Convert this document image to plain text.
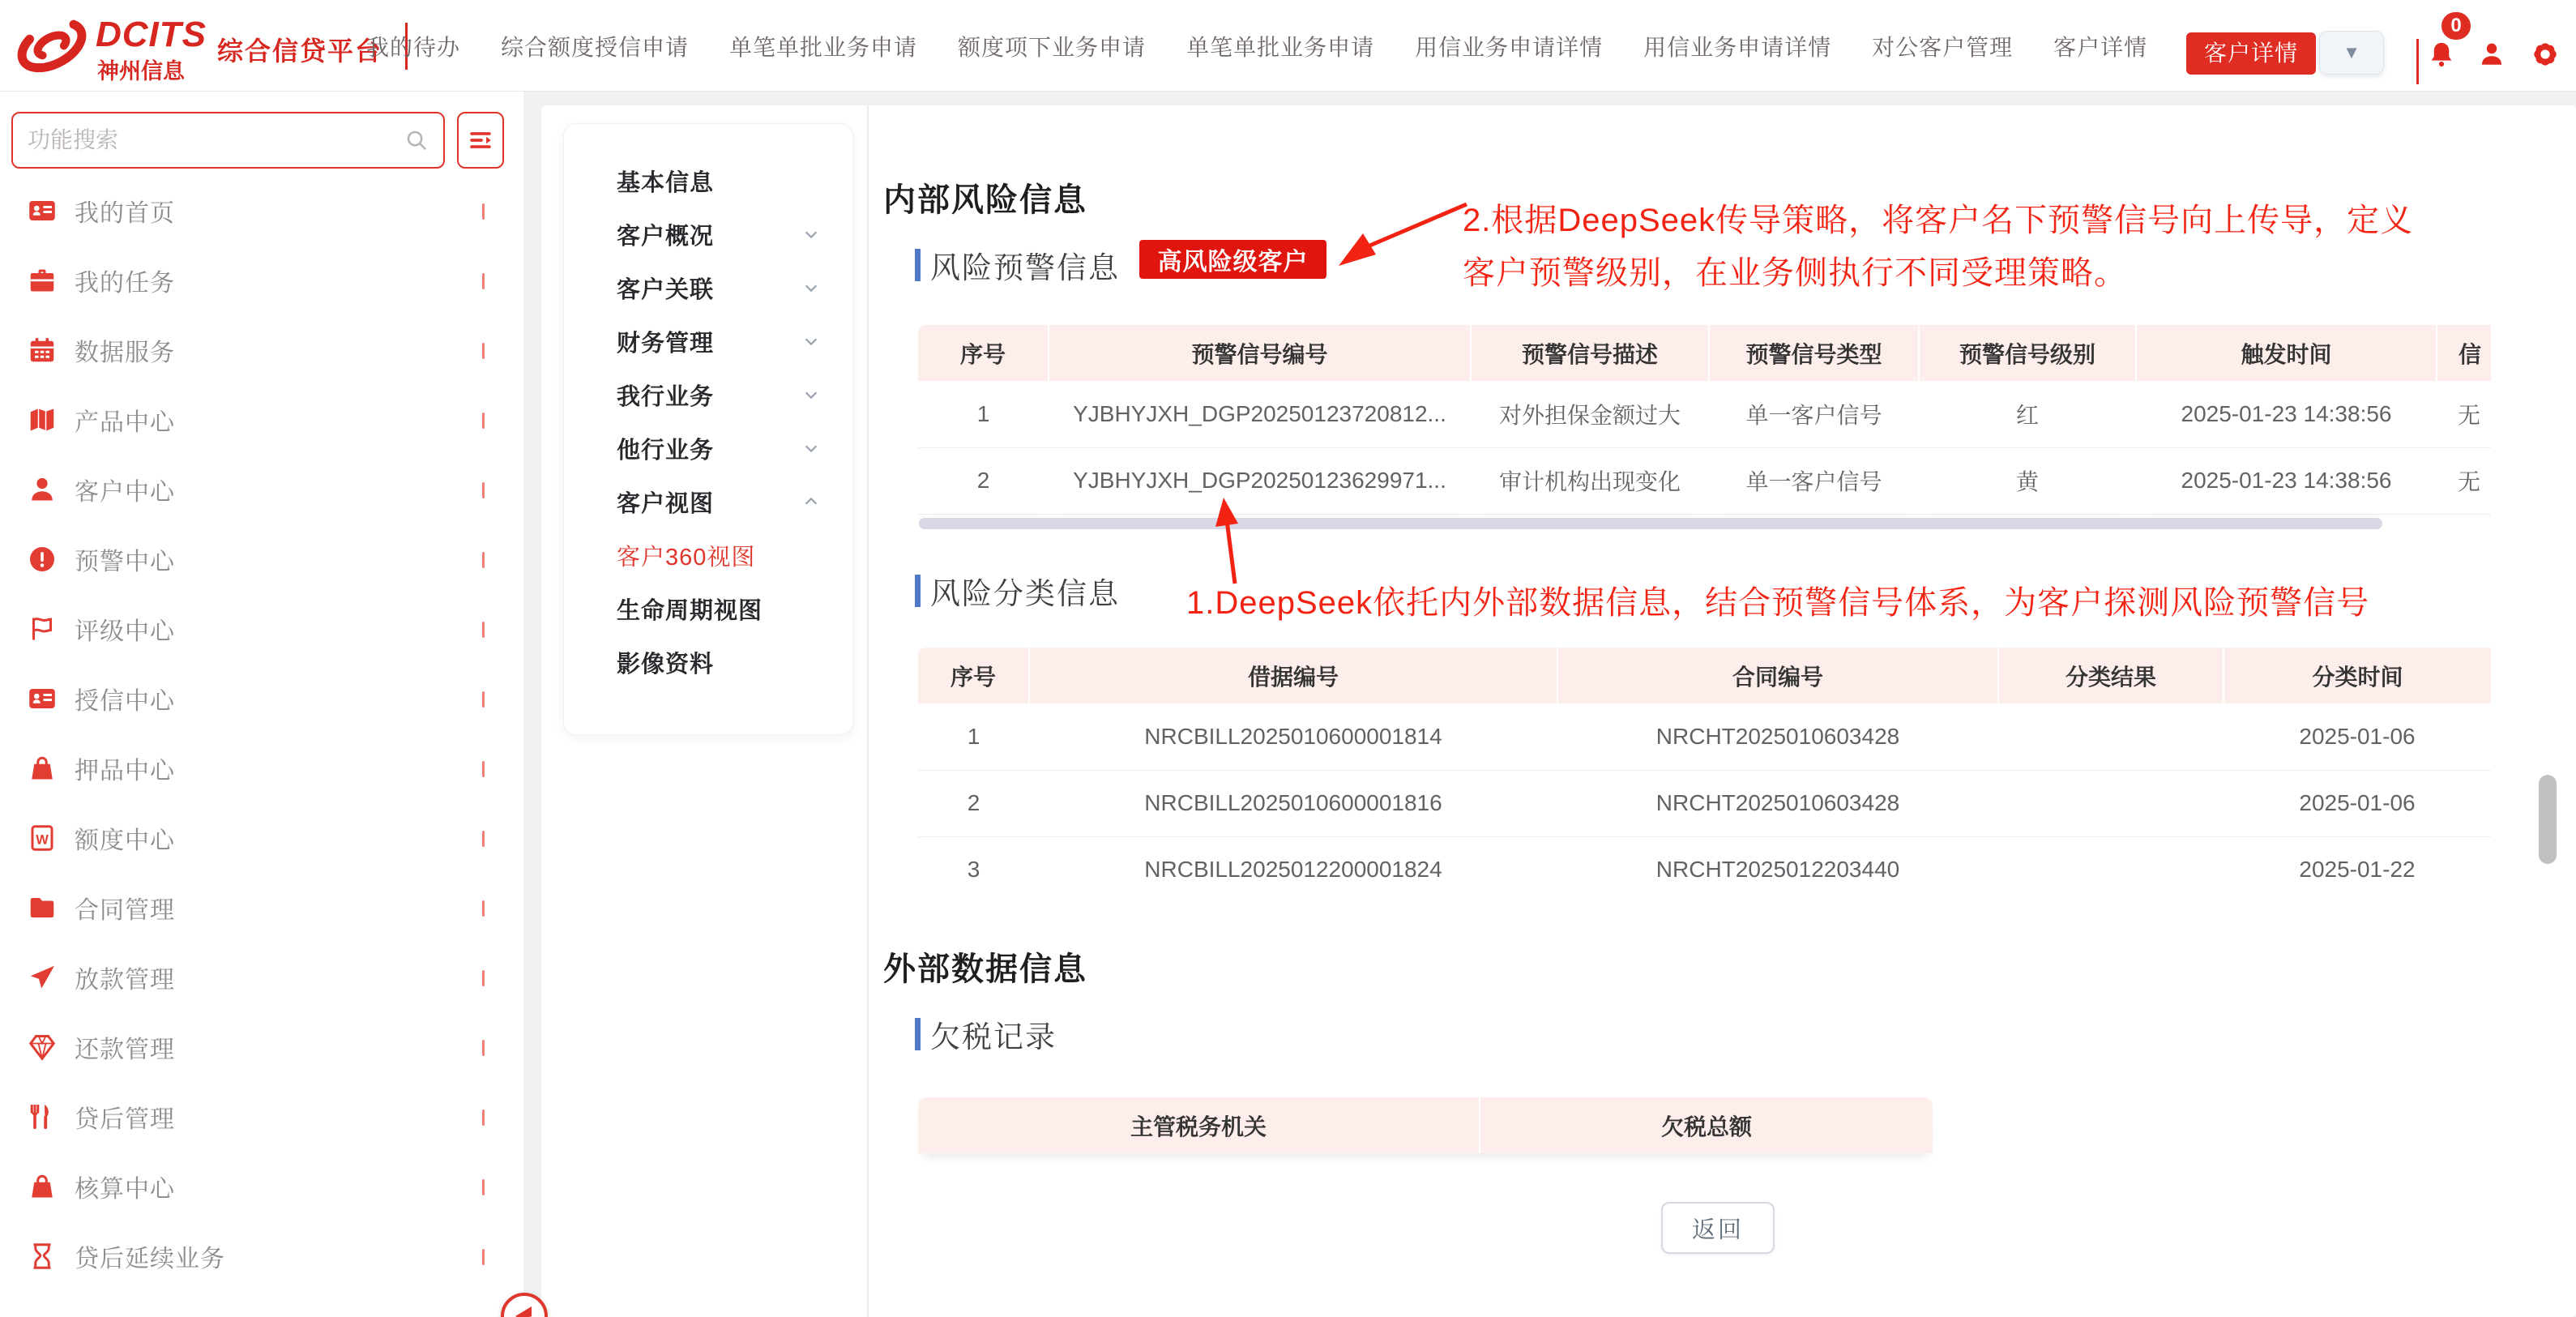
DCITS
神州信息
综合信贷平台
我的待办 综合额度授信申请 单笔单批业务申请 额度项下业务申请 单笔单批业务申请 用信业务申请详情 用信业务申请详情 对公客户管理 客户详情	客户详情	▼
0
功能搜索
我的首页
我的任务
数据服务
产品中心
客户中心
预警中心
评级中心
授信中心
押品中心
W 额度中心
合同管理
放款管理
还款管理
贷后管理
核算中心
贷后延续业务
基本信息
客户概况
客户关联
财务管理
我行业务
他行业务
客户视图
客户360视图
生命周期视图
影像资料
内部风险信息
风险预警信息	高风险级客户
2.根据DeepSeek传导策略，将客户名下预警信号向上传导，定义
客户预警级别，在业务侧执行不同受理策略。
序号	预警信号编号	预警信号描述	预警信号类型	预警信号级别	触发时间	信
1	YJBHYJXH_DGP20250123720812...	对外担保金额过大	单一客户信号	红	2025-01-23 14:38:56	无
2	YJBHYJXH_DGP20250123629971...	审计机构出现变化	单一客户信号	黄	2025-01-23 14:38:56	无
1.DeepSeek依托内外部数据信息，结合预警信号体系，为客户探测风险预警信号
风险分类信息
序号	借据编号	合同编号	分类结果	分类时间
1	NRCBILL2025010600001814	NRCHT2025010603428		2025-01-06
2	NRCBILL2025010600001816	NRCHT2025010603428		2025-01-06
3	NRCBILL2025012200001824	NRCHT2025012203440		2025-01-22
外部数据信息
欠税记录
主管税务机关	欠税总额
返回
